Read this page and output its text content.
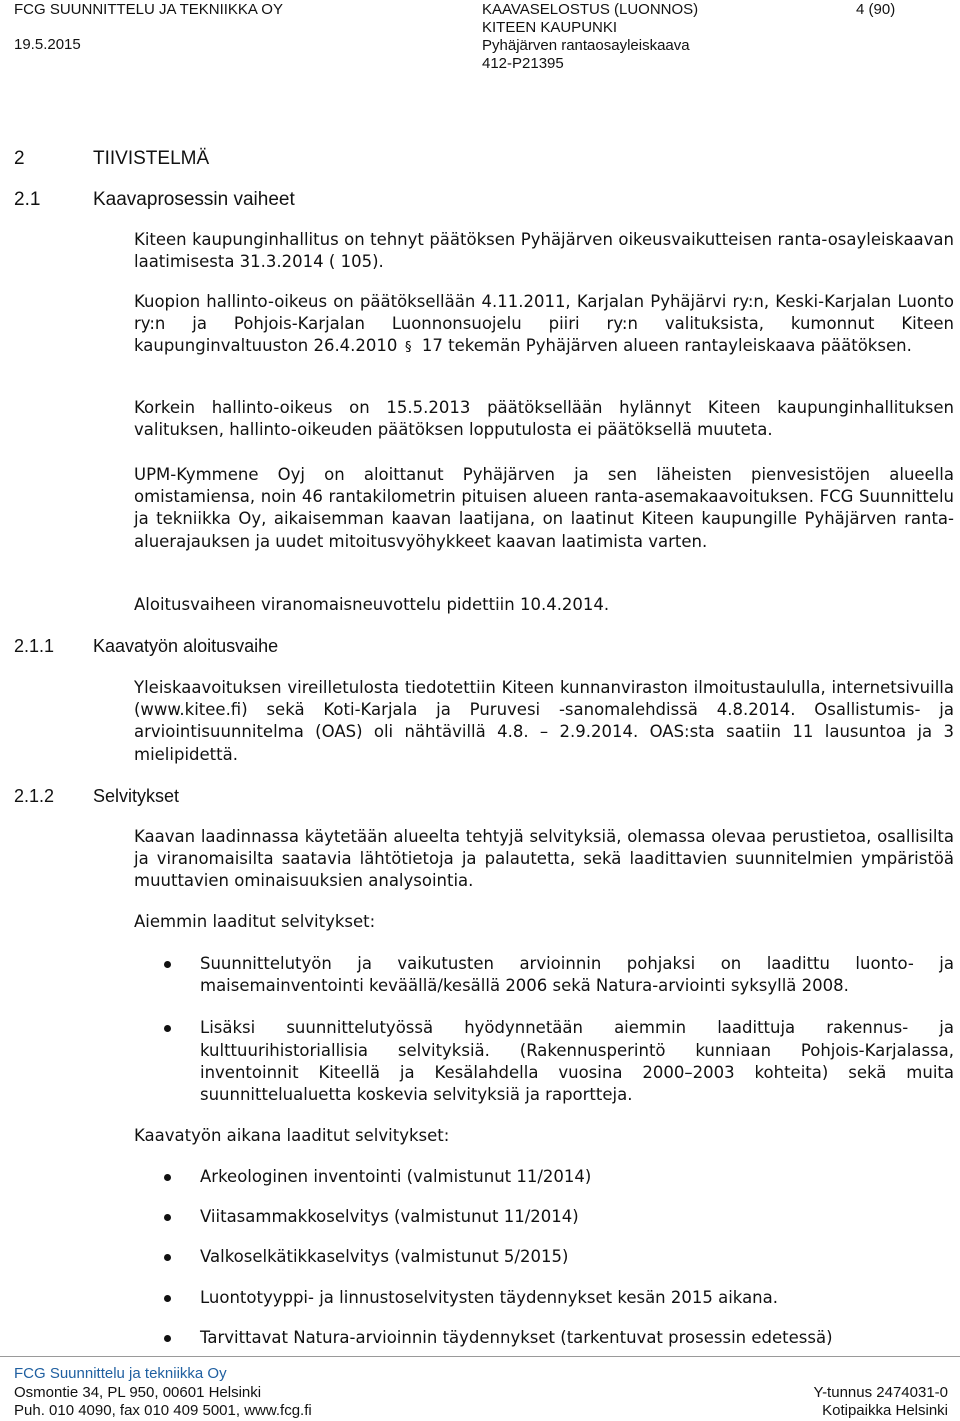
FCG SUUNNITTELU JA TEKNIIKKA OY
19.5.2015
KAAVASELOSTUS (LUONNOS)
KITEEN KAUPUNKI
Pyhäjärven rantaosayleiskaava
412-P21395
4 (90)
2	TIIVISTELMÄ
2.1	Kaavaprosessin vaiheet

Kiteen kaupunginhallitus on tehnyt päätöksen Pyhäjärven oikeusvaikutteisen ranta-osayleiskaavan laatimisesta 31.3.2014 ( 105).

Kuopion hallinto-oikeus on päätöksellään 4.11.2011, Karjalan Pyhäjärvi ry:n, Keski-Karjalan Luonto ry:n ja Pohjois-Karjalan Luonnonsuojelu piiri ry:n valituksista, kumonnut Kiteen kaupunginvaltuuston 26.4.2010 § 17 tekemän Pyhäjärven alueen rantayleiskaava päätöksen.

Korkein hallinto-oikeus on 15.5.2013 päätöksellään hylännyt Kiteen kaupunginhallituksen valituksen, hallinto-oikeuden päätöksen lopputulosta ei päätöksellä muuteta.

UPM-Kymmene Oyj on aloittanut Pyhäjärven ja sen läheisten pienvesistöjen alueella omistamiensa, noin 46 rantakilometrin pituisen alueen ranta-asemakaavoituksen. FCG Suunnittelu ja tekniikka Oy, aikaisemman kaavan laatijana, on laatinut Kiteen kaupungille Pyhäjärven ranta-aluerajauksen ja uudet mitoitusvyöhykkeet kaavan laatimista varten.

Aloitusvaiheen viranomaisneuvottelu pidettiin 10.4.2014.

2.1.1 Kaavatyön aloitusvaihe

Yleiskaavoituksen vireilletulosta tiedotettiin Kiteen kunnanviraston ilmoitustaululla, internetsivuilla (www.kitee.fi) sekä Koti-Karjala ja Puruvesi -sanomalehdissä 4.8.2014. Osallistumis- ja arviointisuunnitelma (OAS) oli nähtävillä 4.8. – 2.9.2014. OAS:sta saatiin 11 lausuntoa ja 3 mielipidettä.

2.1.2 Selvitykset

Kaavan laadinnassa käytetään alueelta tehtyjä selvityksiä, olemassa olevaa perustietoa, osallisilta ja viranomaisilta saatavia lähtötietoja ja palautetta, sekä laadittavien suunnitelmien ympäristöä muuttavien ominaisuuksien analysointia.

Aiemmin laaditut selvitykset:
Suunnittelutyön ja vaikutusten arvioinnin pohjaksi on laadittu luonto- ja maisemainventointi keväällä/kesällä 2006 sekä Natura-arviointi syksyllä 2008.
Lisäksi suunnittelutyössä hyödynnetään aiemmin laadittuja rakennus- ja kulttuurihistoriallisia selvityksiä. (Rakennusperintö kunniaan Pohjois-Karjalassa, inventoinnit Kiteellä ja Kesälahdella vuosina 2000–2003 kohteita) sekä muita suunnittelualuetta koskevia selvityksiä ja raportteja.
Kaavatyön aikana laaditut selvitykset:
Arkeologinen inventointi (valmistunut 11/2014)
Viitasammakkoselvitys (valmistunut 11/2014)
Valkoselkätikkaselvitys (valmistunut 5/2015)
Luontotyyppi- ja linnustoselvitysten täydennykset kesän 2015 aikana.
Tarvittavat Natura-arvioinnin täydennykset (tarkentuvat prosessin edetessä)
FCG Suunnittelu ja tekniikka Oy
Osmontie 34, PL 950, 00601 Helsinki
Puh. 010 4090, fax 010 409 5001, www.fcg.fi
Y-tunnus 2474031-0
Kotipaikka Helsinki
